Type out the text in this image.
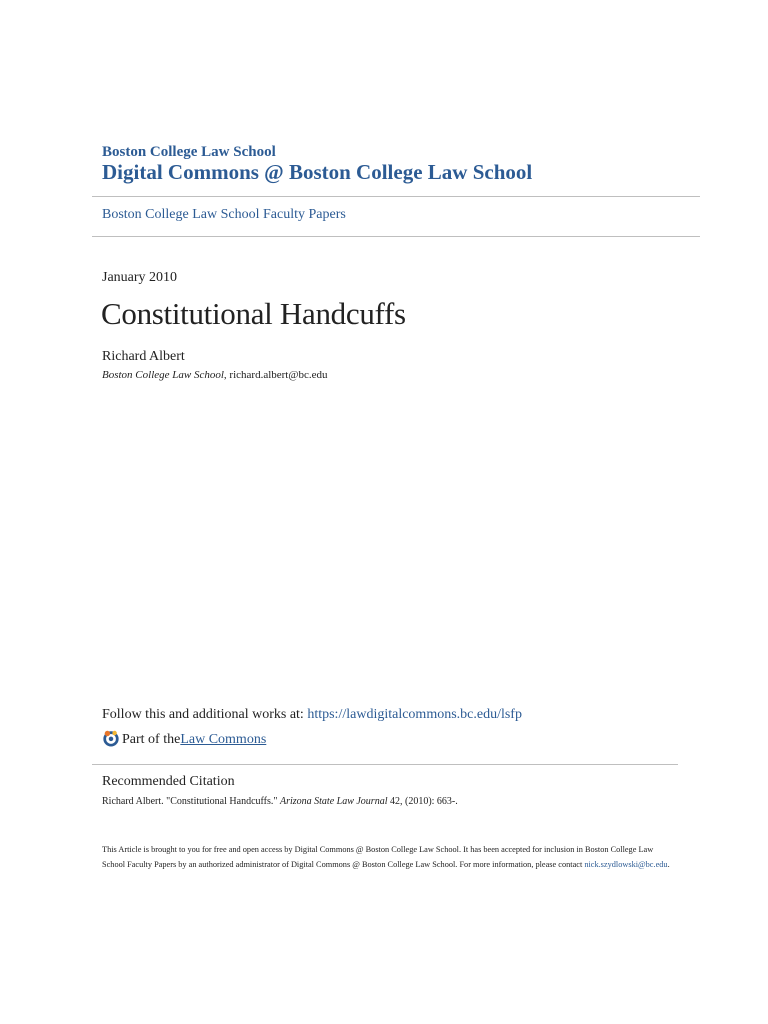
Boston College Law School
Digital Commons @ Boston College Law School
Boston College Law School Faculty Papers
January 2010
Constitutional Handcuffs
Richard Albert
Boston College Law School, richard.albert@bc.edu
Follow this and additional works at: https://lawdigitalcommons.bc.edu/lsfp
Part of the Law Commons
Recommended Citation
Richard Albert. "Constitutional Handcuffs." Arizona State Law Journal 42, (2010): 663-.
This Article is brought to you for free and open access by Digital Commons @ Boston College Law School. It has been accepted for inclusion in Boston College Law School Faculty Papers by an authorized administrator of Digital Commons @ Boston College Law School. For more information, please contact nick.szydlowski@bc.edu.
